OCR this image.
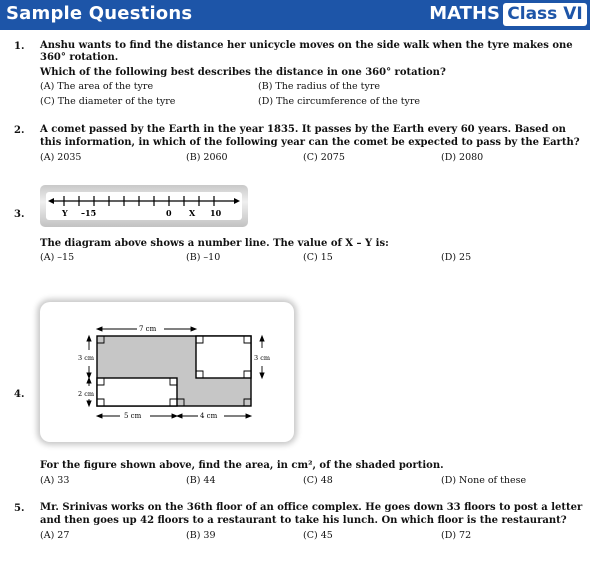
Sample Questions	MATHS Class VI
1. Anshu wants to find the distance her unicycle moves on the side walk when the tyre makes one
360° rotation.
Which of the following best describes the distance in one 360° rotation?
(A) The area of the tyre	(B) The radius of the tyre
(C) The diameter of the tyre	(D) The circumference of the tyre
2. A comet passed by the Earth in the year 1835. It passes by the Earth every 60 years. Based on
this information, in which of the following year can the comet be expected to pass by the Earth?
(A) 2035	(B) 2060	(C) 2075	(D) 2080
3.	Y –15	0 X 10
The diagram above shows a number line. The value of X – Y is:
(A) –15	(B) –10	(C) 15	(D) 25
4.
7 cm
3 cm	3 cm
2 cm
5 cm	4 cm
For the figure shown above, find the area, in cm², of the shaded portion.
(A) 33	(B) 44	(C) 48	(D) None of these
5. Mr. Srinivas works on the 36th floor of an office complex. He goes down 33 floors to post a letter
and then goes up 42 floors to a restaurant to take his lunch. On which floor is the restaurant?
(A) 27	(B) 39	(C) 45	(D) 72
